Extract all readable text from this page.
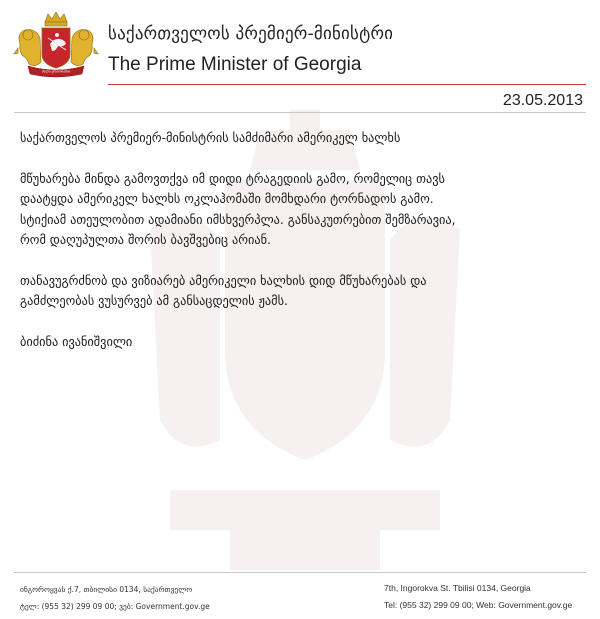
ძალა ერთობაშია
საქართველოს პრემიერ-მინისტრი
The Prime Minister of Georgia
23.05.2013

საქართველოს პრემიერ-მინისტრის სამძიმარი ამერიკელ ხალხს

მწუხარება მინდა გამოვთქვა იმ დიდი ტრაგედიის გამო, რომელიც თავს
დაატყდა ამერიკელ ხალხს ოკლაჰომაში მომხდარი ტორნადოს გამო.
სტიქიამ ათეულობით ადამიანი იმსხვერპლა. განსაკუთრებით შემზარავია,
რომ დაღუპულთა შორის ბავშვებიც არიან.

თანავუგრძნობ და ვიზიარებ ამერიკელი ხალხის დიდ მწუხარებას და
გამძლეობას ვუსურვებ ამ განსაცდელის ჟამს.

ბიძინა ივანიშვილი

ინგოროყვას ქ.7, თბილისი 0134, საქართველო
ტელ: (955 32) 299 09 00; ვებ: Government.gov.ge
7th, Ingorokva St. Tbilisi 0134, Georgia
Tel: (955 32) 299 09 00; Web: Government.gov.ge
